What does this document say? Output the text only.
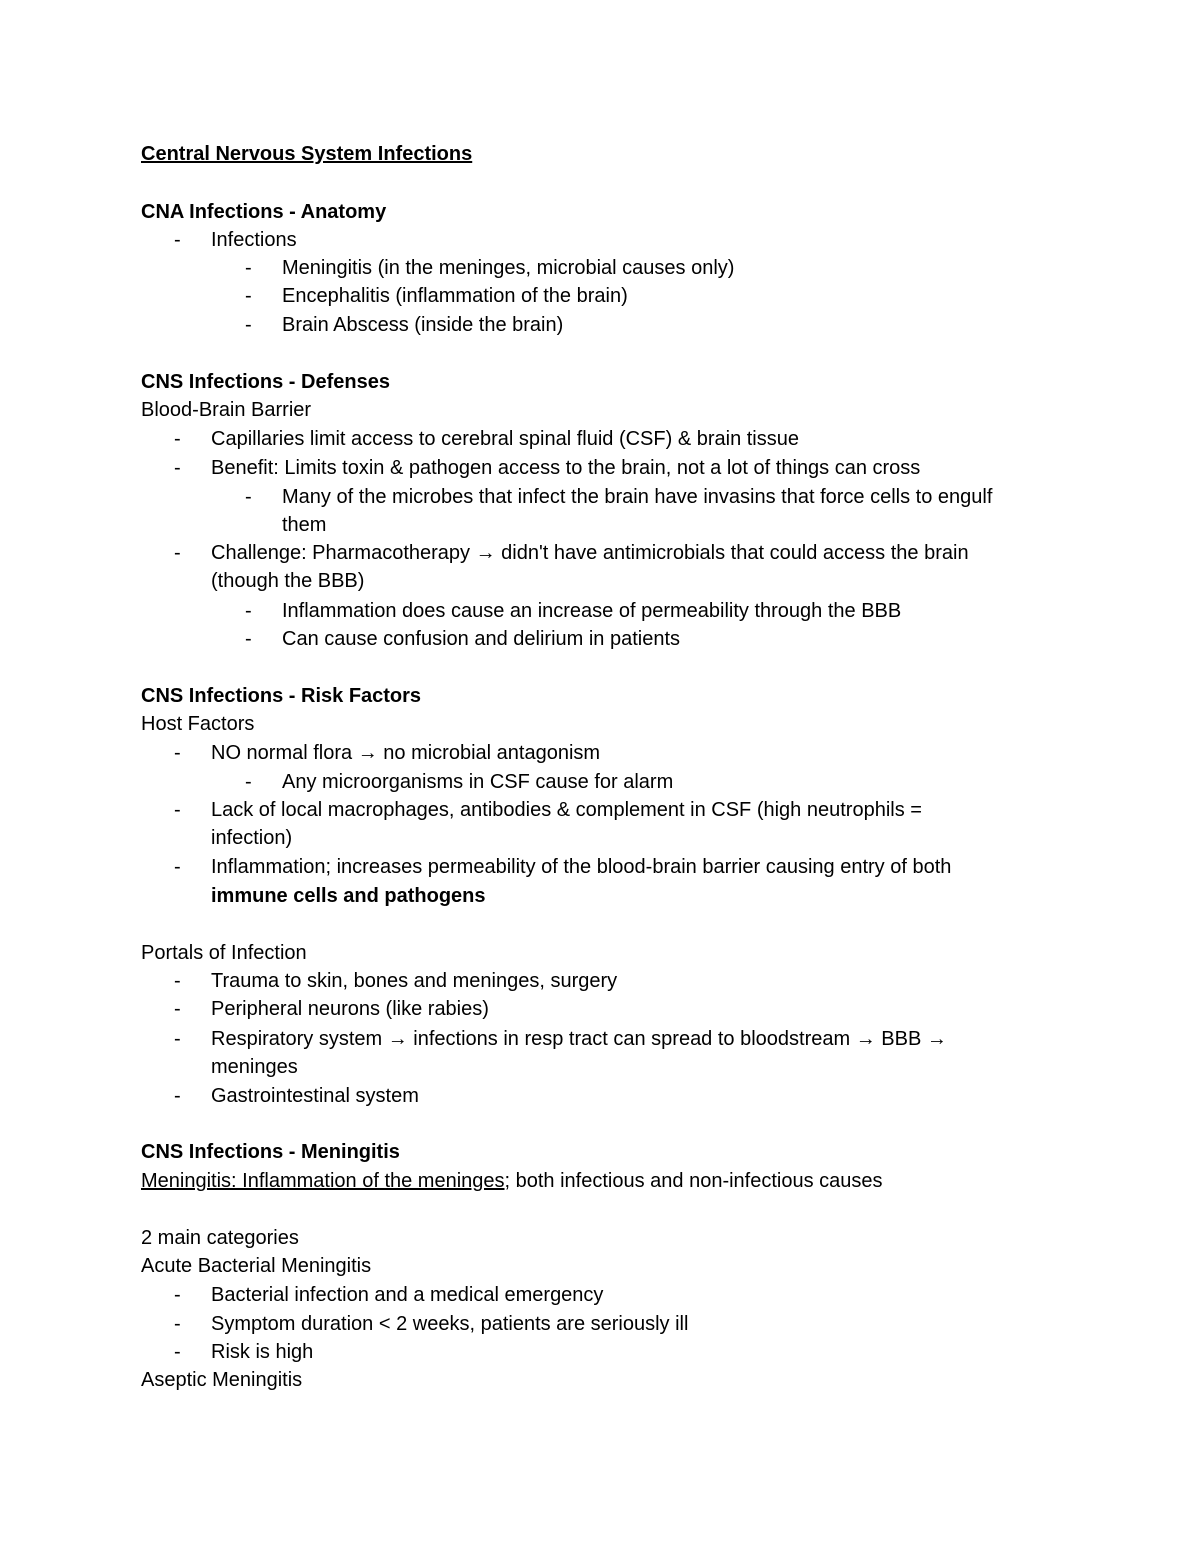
Central Nervous System Infections
CNA Infections - Anatomy
- Infections
- Meningitis (in the meninges, microbial causes only)
- Encephalitis (inflammation of the brain)
- Brain Abscess (inside the brain)
CNS Infections - Defenses
Blood-Brain Barrier
- Capillaries limit access to cerebral spinal fluid (CSF) & brain tissue
- Benefit: Limits toxin & pathogen access to the brain, not a lot of things can cross
- Many of the microbes that infect the brain have invasins that force cells to engulf
them
- Challenge: Pharmacotherapy → didn't have antimicrobials that could access the brain
(though the BBB)
- Inflammation does cause an increase of permeability through the BBB
- Can cause confusion and delirium in patients
CNS Infections - Risk Factors
Host Factors
- NO normal flora → no microbial antagonism
- Any microorganisms in CSF cause for alarm
- Lack of local macrophages, antibodies & complement in CSF (high neutrophils =
infection)
- Inflammation; increases permeability of the blood-brain barrier causing entry of both
immune cells and pathogens
Portals of Infection
- Trauma to skin, bones and meninges, surgery
- Peripheral neurons (like rabies)
- Respiratory system → infections in resp tract can spread to bloodstream → BBB →
meninges
- Gastrointestinal system
CNS Infections - Meningitis
Meningitis: Inflammation of the meninges; both infectious and non-infectious causes
2 main categories
Acute Bacterial Meningitis
- Bacterial infection and a medical emergency
- Symptom duration < 2 weeks, patients are seriously ill
- Risk is high
Aseptic Meningitis
